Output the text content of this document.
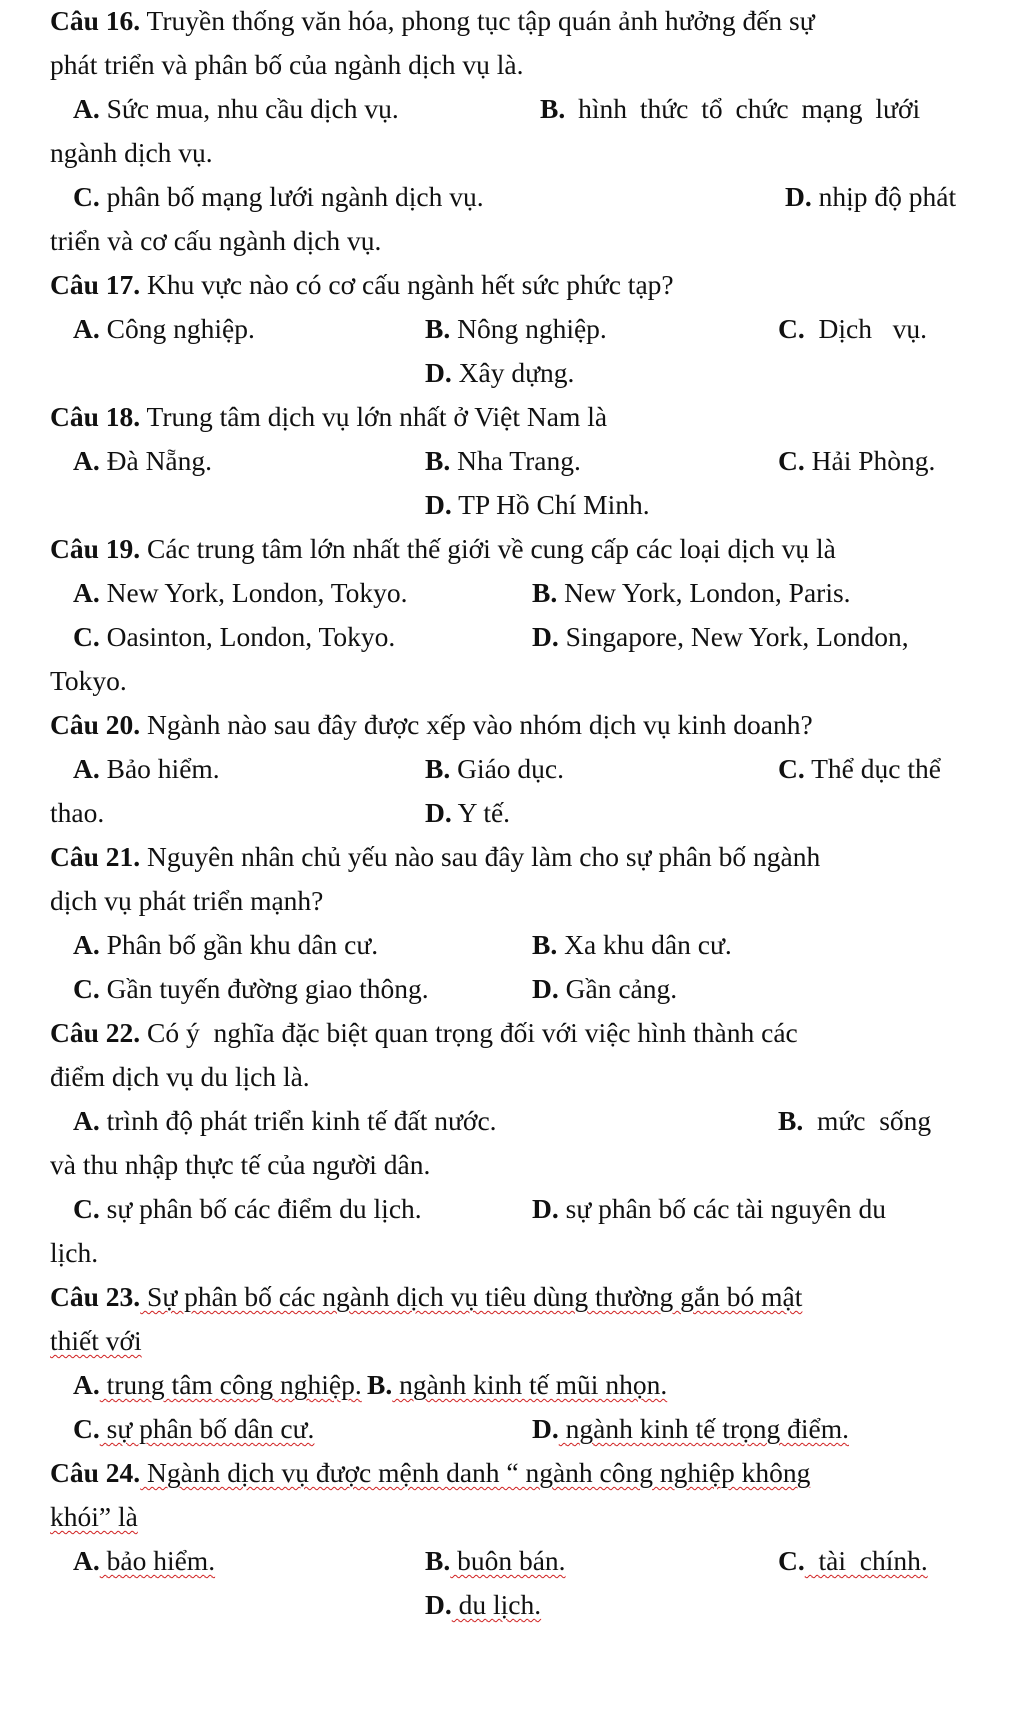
Câu 16. Truyền thống văn hóa, phong tục tập quán ảnh hưởng đến sự
phát triển và phân bố của ngành dịch vụ là.
A. Sức mua, nhu cầu dịch vụ.	B. hình thức tổ chức mạng lưới
ngành dịch vụ.
C. phân bố mạng lưới ngành dịch vụ.	D. nhịp độ phát
triển và cơ cấu ngành dịch vụ.
Câu 17. Khu vực nào có cơ cấu ngành hết sức phức tạp?
A. Công nghiệp.	B. Nông nghiệp.	C.  Dịch   vụ.
D. Xây dựng.
Câu 18. Trung tâm dịch vụ lớn nhất ở Việt Nam là
A. Đà Nẵng.	B. Nha Trang.	C. Hải Phòng.
D. TP Hồ Chí Minh.
Câu 19. Các trung tâm lớn nhất thế giới về cung cấp các loại dịch vụ là
A. New York, London, Tokyo.	B. New York, London, Paris.
C. Oasinton, London, Tokyo.	D. Singapore, New York, London,
Tokyo.
Câu 20. Ngành nào sau đây được xếp vào nhóm dịch vụ kinh doanh?
A. Bảo hiểm.	B. Giáo dục.	C. Thể dục thể
thao.	D. Y tế.
Câu 21. Nguyên nhân chủ yếu nào sau đây làm cho sự phân bố ngành
dịch vụ phát triển mạnh?
A. Phân bố gần khu dân cư.	B. Xa khu dân cư.
C. Gần tuyến đường giao thông.	D. Gần cảng.
Câu 22. Có ý  nghĩa đặc biệt quan trọng đối với việc hình thành các
điểm dịch vụ du lịch là.
A. trình độ phát triển kinh tế đất nước.	B.  mức  sống
và thu nhập thực tế của người dân.
C. sự phân bố các điểm du lịch.	D. sự phân bố các tài nguyên du
lịch.
Câu 23. Sự phân bố các ngành dịch vụ tiêu dùng thường gắn bó mật
thiết với
A. trung tâm công nghiệp. B. ngành kinh tế mũi nhọn.
C. sự phân bố dân cư.	D. ngành kinh tế trọng điểm.
Câu 24. Ngành dịch vụ được mệnh danh “ ngành công nghiệp không
khói” là
A. bảo hiểm.	B. buôn bán.	C.  tài  chính.
D. du lịch.
